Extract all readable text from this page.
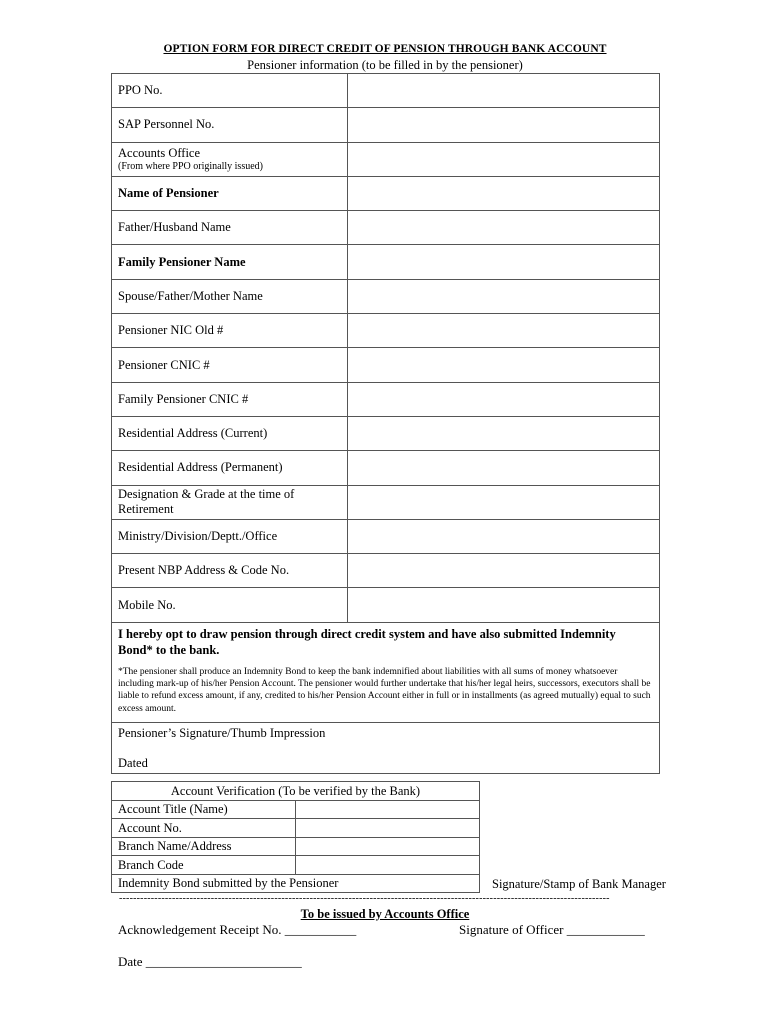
OPTION FORM FOR DIRECT CREDIT OF PENSION THROUGH BANK ACCOUNT
Pensioner information (to be filled in by the pensioner)
PPO No.	

SAP Personnel No.	

Accounts Office
(From where PPO originally issued)	

Name of Pensioner	

Father/Husband Name	

Family Pensioner Name	

Spouse/Father/Mother Name	

Pensioner NIC Old #	

Pensioner CNIC #	

Family Pensioner CNIC #	

Residential Address (Current)	

Residential Address (Permanent)	

Designation & Grade at the time of Retirement	

Ministry/Division/Deptt./Office	

Present NBP Address & Code No.	

Mobile No.	

I hereby opt to draw pension through direct credit system and have also submitted Indemnity Bond* to the bank.
*The pensioner shall produce an Indemnity Bond to keep the bank indemnified about liabilities with all sums of money whatsoever including mark-up of his/her Pension Account. The pensioner would further undertake that his/her legal heirs, successors, executors shall be liable to refund excess amount, if any, credited to his/her Pension Account either in full or in installments (as agreed mutually) equal to such excess amount.	

Pensioner’s Signature/Thumb Impression
Dated	
Account Verification (To be verified by the Bank)	
Account Title (Name)	
Account No.	
Branch Name/Address	
Branch Code	
Indemnity Bond submitted by the Pensioner		Signature/Stamp of Bank Manager
-------------------------------------------------------------------------------------------------------------------------------------------
To be issued by Accounts Office
Acknowledgement Receipt No. ___________	Signature of Officer ____________
Date ________________________
